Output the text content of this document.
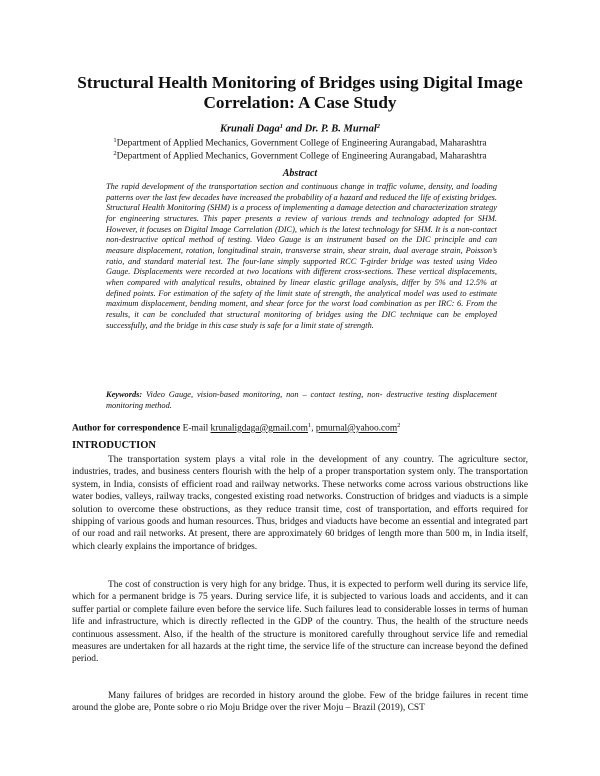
Structural Health Monitoring of Bridges using Digital Image Correlation: A Case Study
Krunali Daga$^1$ and Dr. P. B. Murnal$^2$
$^1$Department of Applied Mechanics, Government College of Engineering Aurangabad, Maharashtra
$^2$Department of Applied Mechanics, Government College of Engineering Aurangabad, Maharashtra
Abstract

The rapid development of the transportation section and continuous change in traffic volume, density, and loading patterns over the last few decades have increased the probability of a hazard and reduced the life of existing bridges. Structural Health Monitoring (SHM) is a process of implementing a damage detection and characterization strategy for engineering structures. This paper presents a review of various trends and technology adopted for SHM. However, it focuses on Digital Image Correlation (DIC), which is the latest technology for SHM. It is a non-contact non-destructive optical method of testing. Video Gauge is an instrument based on the DIC principle and can measure displacement, rotation, longitudinal strain, transverse strain, shear strain, dual average strain, Poisson’s ratio, and standard material test. The four-lane simply supported RCC T-girder bridge was tested using Video Gauge. Displacements were recorded at two locations with different cross-sections. These vertical displacements, when compared with analytical results, obtained by linear elastic grillage analysis, differ by 5% and 12.5% at defined points. For estimation of the safety of the limit state of strength, the analytical model was used to estimate maximum displacement, bending moment, and shear force for the worst load combination as per IRC: 6. From the results, it can be concluded that structural monitoring of bridges using the DIC technique can be employed successfully, and the bridge in this case study is safe for a limit state of strength.

Keywords: Video Gauge, vision-based monitoring, non – contact testing, non- destructive testing displacement monitoring method.

Author for correspondence E-mail krunaligdaga@gmail.com$^1$, pmurnal@yahoo.com$^2$
INTRODUCTION

The transportation system plays a vital role in the development of any country. The agriculture sector, industries, trades, and business centers flourish with the help of a proper transportation system only. The transportation system, in India, consists of efficient road and railway networks. These networks come across various obstructions like water bodies, valleys, railway tracks, congested existing road networks. Construction of bridges and viaducts is a simple solution to overcome these obstructions, as they reduce transit time, cost of transportation, and efforts required for shipping of various goods and human resources. Thus, bridges and viaducts have become an essential and integrated part of our road and rail networks. At present, there are approximately 60 bridges of length more than 500 m, in India itself, which clearly explains the importance of bridges.

The cost of construction is very high for any bridge. Thus, it is expected to perform well during its service life, which for a permanent bridge is 75 years. During service life, it is subjected to various loads and accidents, and it can suffer partial or complete failure even before the service life. Such failures lead to considerable losses in terms of human life and infrastructure, which is directly reflected in the GDP of the country. Thus, the health of the structure needs continuous assessment. Also, if the health of the structure is monitored carefully throughout service life and remedial measures are undertaken for all hazards at the right time, the service life of the structure can increase beyond the defined period.

Many failures of bridges are recorded in history around the globe. Few of the bridge failures in recent time around the globe are, Ponte sobre o rio Moju Bridge over the river Moju – Brazil (2019), CST
